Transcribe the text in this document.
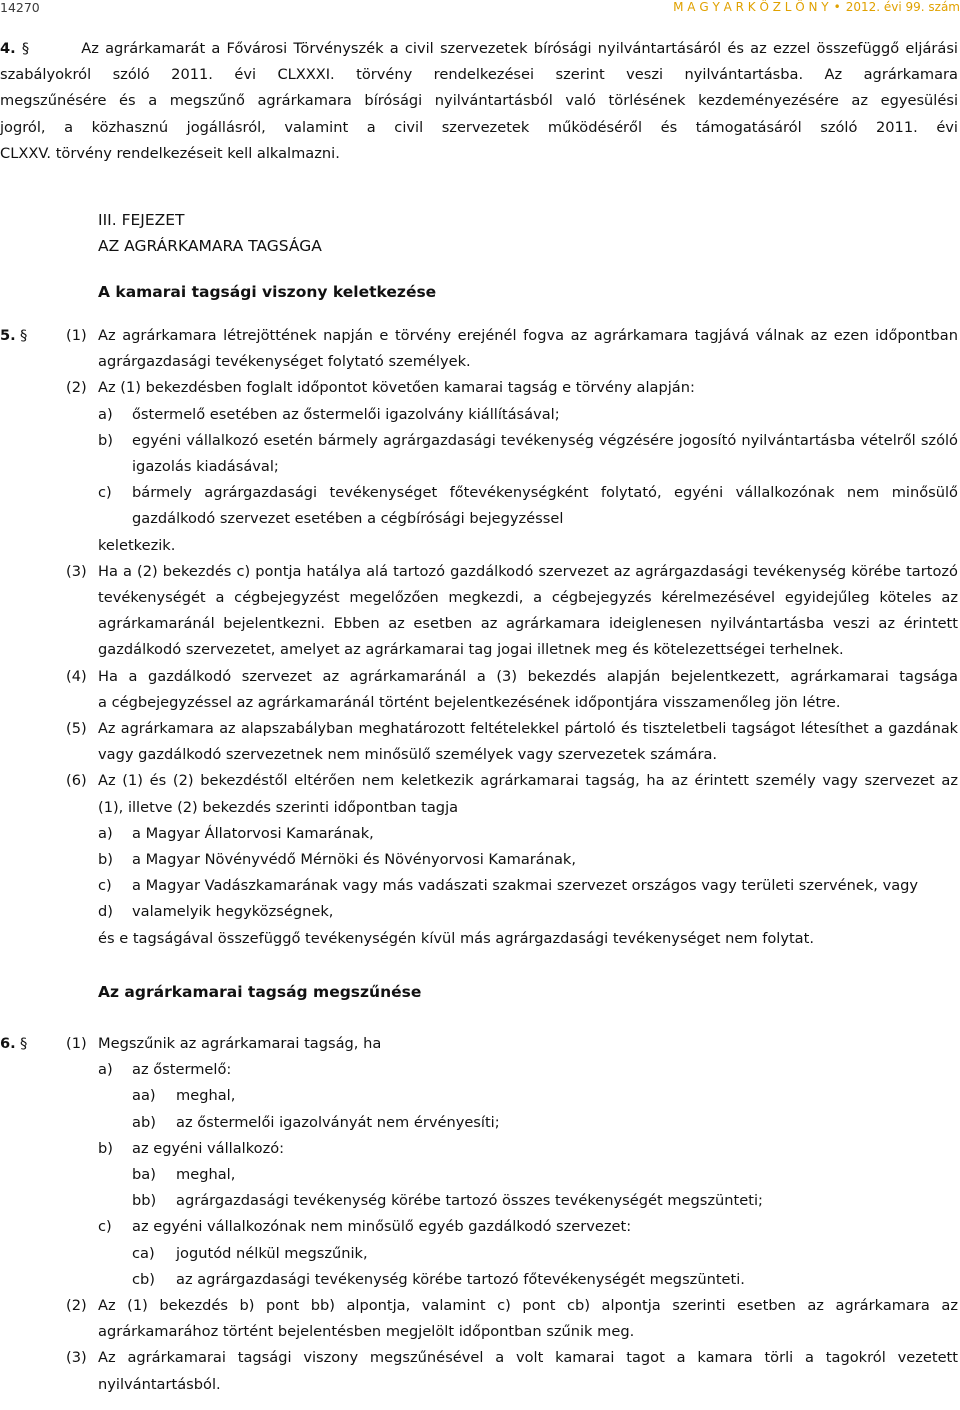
14270	M A G Y A R K Ö Z L Ö N Y • 2012. évi 99. szám
4. §	Az agrárkamarát a Fővárosi Törvényszék a civil szervezetek bírósági nyilvántartásáról és az ezzel összefüggő eljárási
szabályokról szóló 2011. évi CLXXXI. törvény rendelkezései szerint veszi nyilvántartásba. Az agrárkamara
megszűnésére és a megszűnő agrárkamara bírósági nyilvántartásból való törlésének kezdeményezésére az egyesülési
jogról, a közhasznú jogállásról, valamint a civil szervezetek működéséről és támogatásáról szóló 2011. évi
CLXXV. törvény rendelkezéseit kell alkalmazni.
III. FEJEZET
AZ AGRÁRKAMARA TAGSÁGA
A kamarai tagsági viszony keletkezése
5. §	(1) Az agrárkamara létrejöttének napján e törvény erejénél fogva az agrárkamara tagjává válnak az ezen időpontban
agrárgazdasági tevékenységet folytató személyek.
(2) Az (1) bekezdésben foglalt időpontot követően kamarai tagság e törvény alapján:
a) őstermelő esetében az őstermelői igazolvány kiállításával;
b) egyéni vállalkozó esetén bármely agrárgazdasági tevékenység végzésére jogosító nyilvántartásba vételről szóló
igazolás kiadásával;
c) bármely agrárgazdasági tevékenységet főtevékenységként folytató, egyéni vállalkozónak nem minősülő
gazdálkodó szervezet esetében a cégbírósági bejegyzéssel
keletkezik.
(3) Ha a (2) bekezdés c) pontja hatálya alá tartozó gazdálkodó szervezet az agrárgazdasági tevékenység körébe tartozó
tevékenységét a cégbejegyzést megelőzően megkezdi, a cégbejegyzés kérelmezésével egyidejűleg köteles az
agrárkamaránál bejelentkezni. Ebben az esetben az agrárkamara ideiglenesen nyilvántartásba veszi az érintett
gazdálkodó szervezetet, amelyet az agrárkamarai tag jogai illetnek meg és kötelezettségei terhelnek.
(4) Ha a gazdálkodó szervezet az agrárkamaránál a (3) bekezdés alapján bejelentkezett, agrárkamarai tagsága
a cégbejegyzéssel az agrárkamaránál történt bejelentkezésének időpontjára visszamenőleg jön létre.
(5) Az agrárkamara az alapszabályban meghatározott feltételekkel pártoló és tiszteletbeli tagságot létesíthet a gazdának
vagy gazdálkodó szervezetnek nem minősülő személyek vagy szervezetek számára.
(6) Az (1) és (2) bekezdéstől eltérően nem keletkezik agrárkamarai tagság, ha az érintett személy vagy szervezet az
(1), illetve (2) bekezdés szerinti időpontban tagja
a) a Magyar Állatorvosi Kamarának,
b) a Magyar Növényvédő Mérnöki és Növényorvosi Kamarának,
c) a Magyar Vadászkamarának vagy más vadászati szakmai szervezet országos vagy területi szervének, vagy
d) valamelyik hegyközségnek,
és e tagságával összefüggő tevékenységén kívül más agrárgazdasági tevékenységet nem folytat.
Az agrárkamarai tagság megszűnése
6. §	(1) Megszűnik az agrárkamarai tagság, ha
a) az őstermelő:
aa) meghal,
ab) az őstermelői igazolványát nem érvényesíti;
b) az egyéni vállalkozó:
ba) meghal,
bb) agrárgazdasági tevékenység körébe tartozó összes tevékenységét megszünteti;
c) az egyéni vállalkozónak nem minősülő egyéb gazdálkodó szervezet:
ca) jogutód nélkül megszűnik,
cb) az agrárgazdasági tevékenység körébe tartozó főtevékenységét megszünteti.
(2) Az (1) bekezdés b) pont bb) alpontja, valamint c) pont cb) alpontja szerinti esetben az agrárkamara az
agrárkamarához történt bejelentésben megjelölt időpontban szűnik meg.
(3) Az agrárkamarai tagsági viszony megszűnésével a volt kamarai tagot a kamara törli a tagokról vezetett
nyilvántartásból.
